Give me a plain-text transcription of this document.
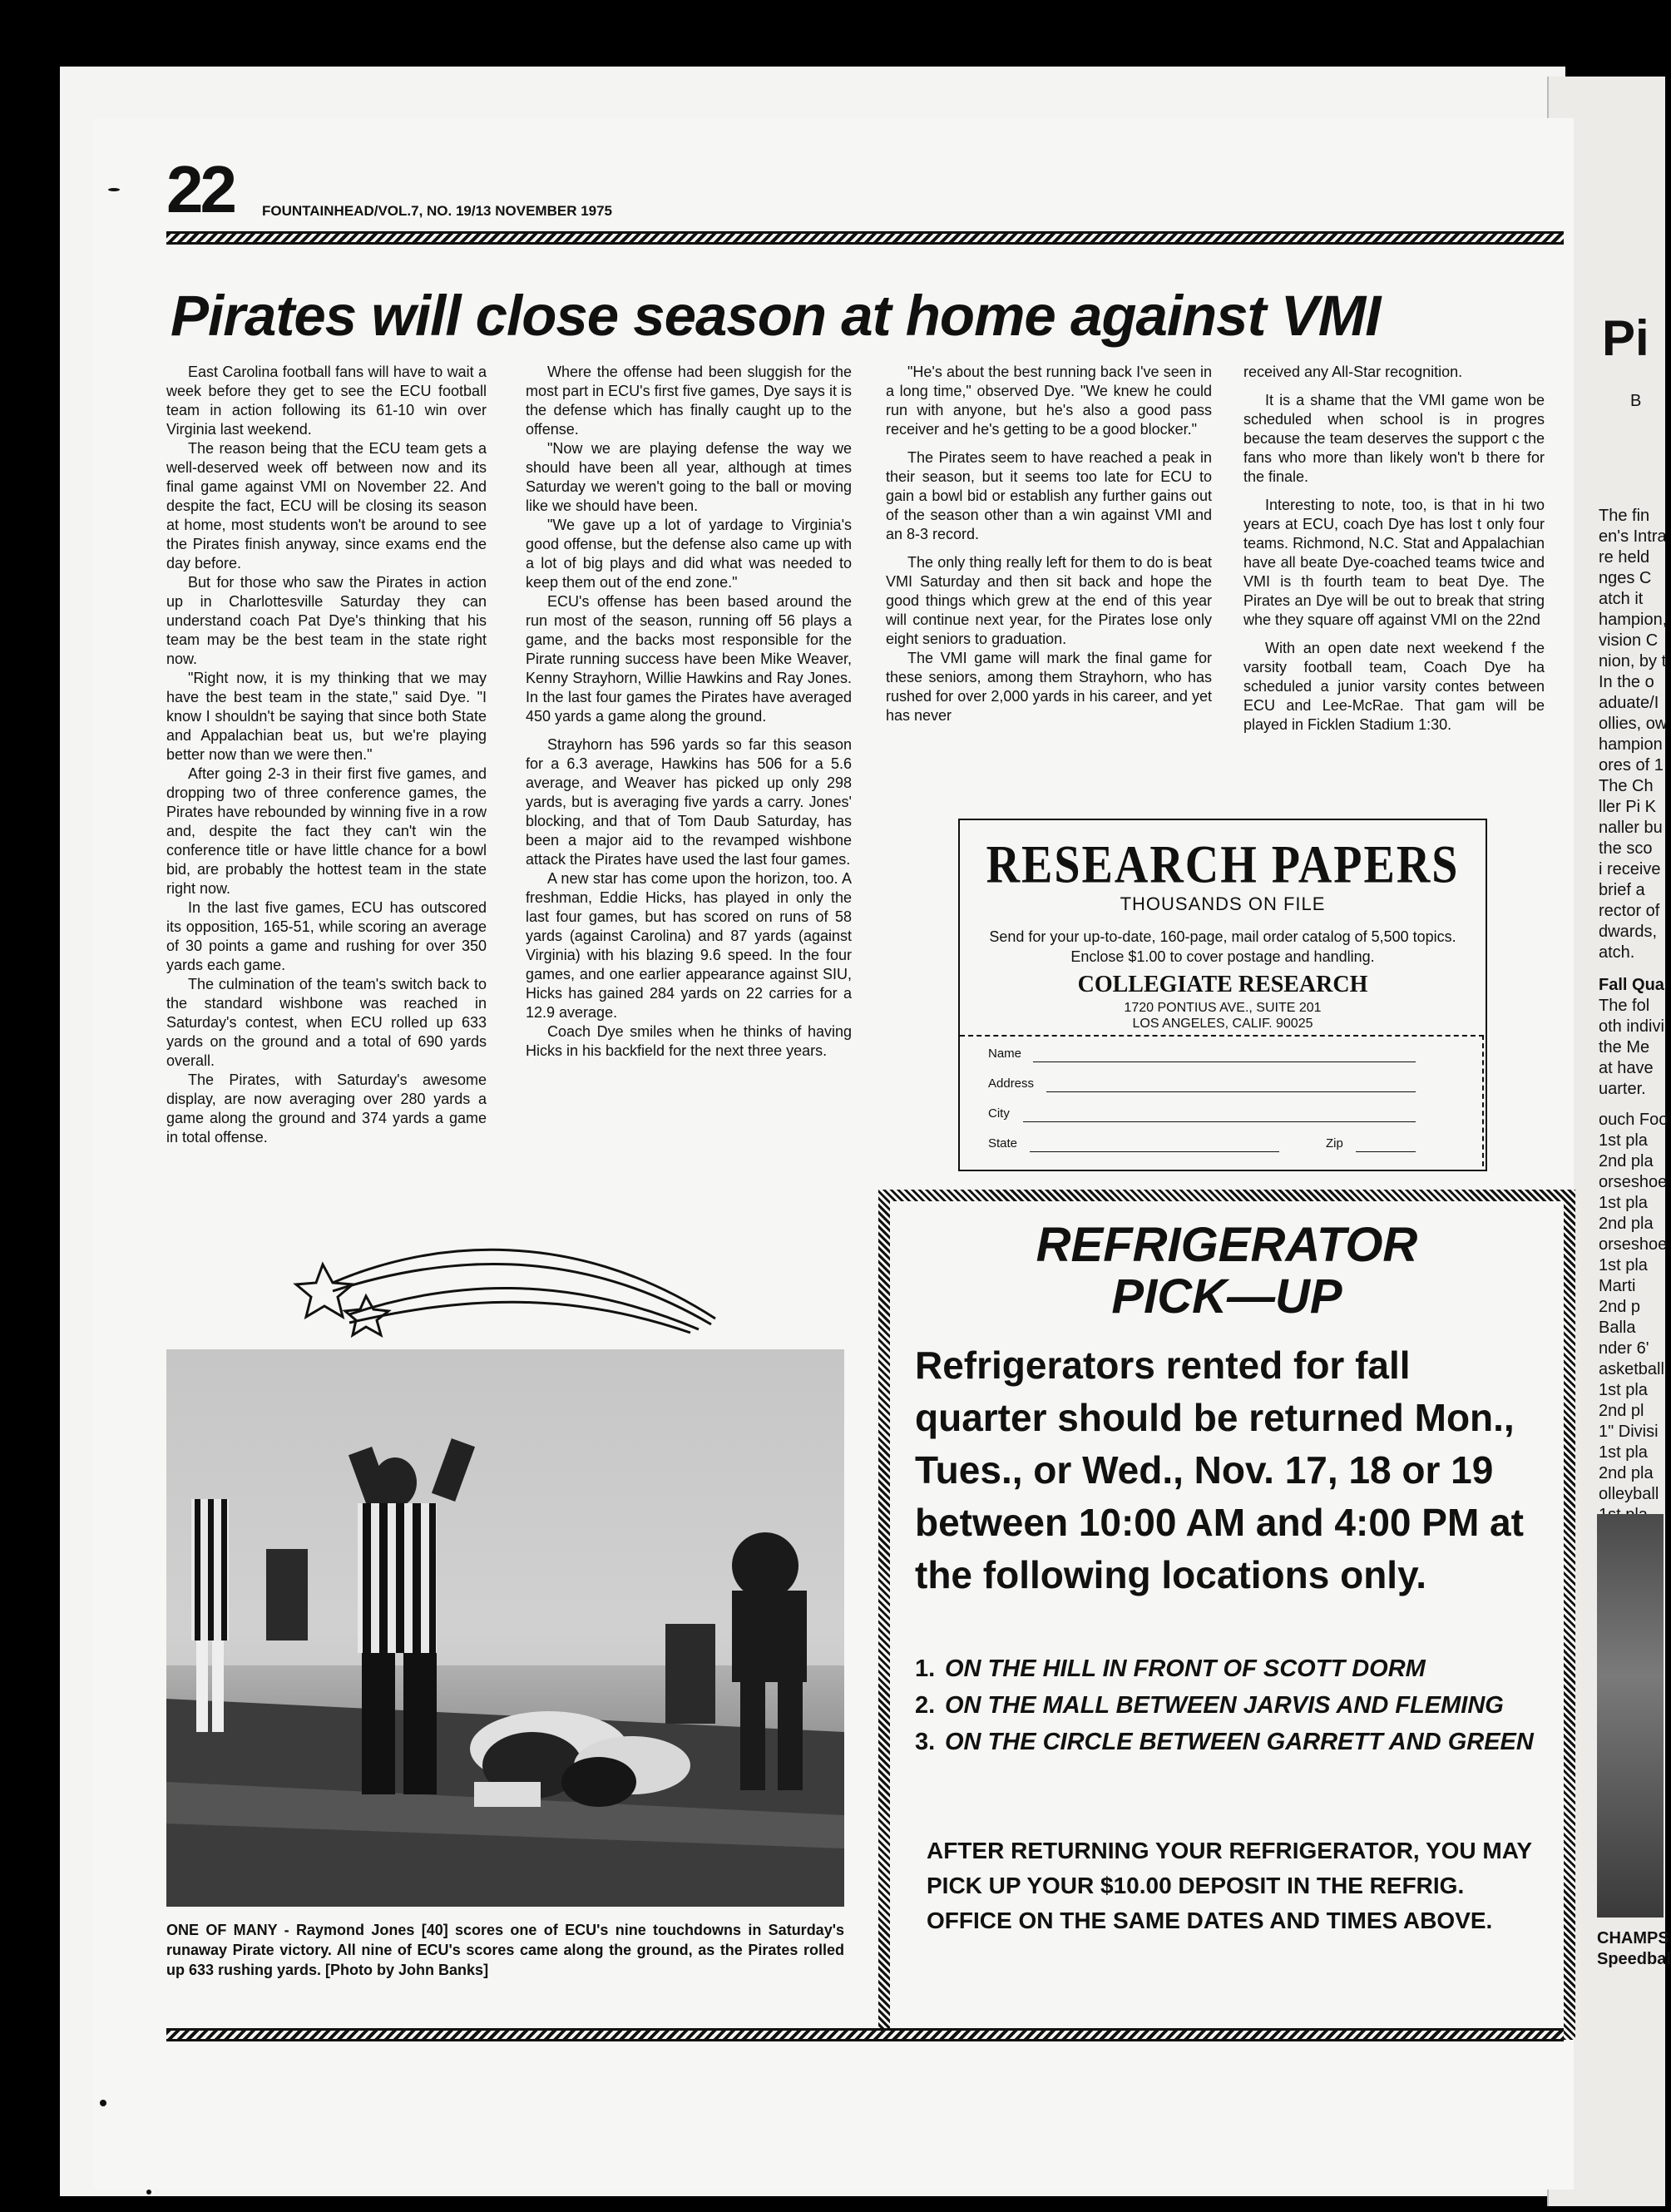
22 FOUNTAINHEAD/VOL.7, NO. 19/13 NOVEMBER 1975
Pirates will close season at home against VMI

East Carolina football fans will have to wait a week before they get to see the ECU football team in action following its 61-10 win over Virginia last weekend.

The reason being that the ECU team gets a well-deserved week off between now and its final game against VMI on November 22. And despite the fact, ECU will be closing its season at home, most students won't be around to see the Pirates finish anyway, since exams end the day before.

But for those who saw the Pirates in action up in Charlottesville Saturday they can understand coach Pat Dye's thinking that his team may be the best team in the state right now.

"Right now, it is my thinking that we may have the best team in the state," said Dye. "I know I shouldn't be saying that since both State and Appalachian beat us, but we're playing better now than we were then."

After going 2-3 in their first five games, and dropping two of three conference games, the Pirates have rebounded by winning five in a row and, despite the fact they can't win the conference title or have little chance for a bowl bid, are probably the hottest team in the state right now.

In the last five games, ECU has outscored its opposition, 165-51, while scoring an average of 30 points a game and rushing for over 350 yards each game.

The culmination of the team's switch back to the standard wishbone was reached in Saturday's contest, when ECU rolled up 633 yards on the ground and a total of 690 yards overall.

The Pirates, with Saturday's awesome display, are now averaging over 280 yards a game along the ground and 374 yards a game in total offense.

Where the offense had been sluggish for the most part in ECU's first five games, Dye says it is the defense which has finally caught up to the offense.

"Now we are playing defense the way we should have been all year, although at times Saturday we weren't going to the ball or moving like we should have been.

"We gave up a lot of yardage to Virginia's good offense, but the defense also came up with a lot of big plays and did what was needed to keep them out of the end zone."

ECU's offense has been based around the run most of the season, running off 56 plays a game, and the backs most responsible for the Pirate running success have been Mike Weaver, Kenny Strayhorn, Willie Hawkins and Ray Jones. In the last four games the Pirates have averaged 450 yards a game along the ground.

Strayhorn has 596 yards so far this season for a 6.3 average, Hawkins has 506 for a 5.6 average, and Weaver has picked up only 298 yards, but is averaging five yards a carry. Jones' blocking, and that of Tom Daub Saturday, has been a major aid to the revamped wishbone attack the Pirates have used the last four games.

A new star has come upon the horizon, too. A freshman, Eddie Hicks, has played in only the last four games, but has scored on runs of 58 yards (against Carolina) and 87 yards (against Virginia) with his blazing 9.6 speed. In the four games, and one earlier appearance against SIU, Hicks has gained 284 yards on 22 carries for a 12.9 average.

Coach Dye smiles when he thinks of having Hicks in his backfield for the next three years.

"He's about the best running back I've seen in a long time," observed Dye. "We knew he could run with anyone, but he's also a good pass receiver and he's getting to be a good blocker."

The Pirates seem to have reached a peak in their season, but it seems too late for ECU to gain a bowl bid or establish any further gains out of the season other than a win against VMI and an 8-3 record.

The only thing really left for them to do is beat VMI Saturday and then sit back and hope the good things which grew at the end of this year will continue next year, for the Pirates lose only eight seniors to graduation.

The VMI game will mark the final game for these seniors, among them Strayhorn, who has rushed for over 2,000 yards in his career, and yet has never

received any All-Star recognition.

It is a shame that the VMI game won be scheduled when school is in progres because the team deserves the support c the fans who more than likely won't b there for the finale.

Interesting to note, too, is that in hi two years at ECU, coach Dye has lost t only four teams. Richmond, N.C. Stat and Appalachian have all beate Dye-coached teams twice and VMI is th fourth team to beat Dye. The Pirates an Dye will be out to break that string whe they square off against VMI on the 22nd

With an open date next weekend f the varsity football team, Coach Dye ha scheduled a junior varsity contes between ECU and Lee-McRae. That gam will be played in Ficklen Stadium 1:30.

ONE OF MANY - Raymond Jones [40] scores one of ECU's nine touchdowns in Saturday's runaway Pirate victory. All nine of ECU's scores came along the ground, as the Pirates rolled up 633 rushing yards. [Photo by John Banks]
RESEARCH PAPERS
THOUSANDS ON FILE
Send for your up-to-date, 160-page, mail order catalog of 5,500 topics. Enclose $1.00 to cover postage and handling.
COLLEGIATE RESEARCH
1720 PONTIUS AVE., SUITE 201
LOS ANGELES, CALIF. 90025
Name
Address
City
State	Zip
REFRIGERATOR
PICK—UP
Refrigerators rented for fall quarter should be returned Mon., Tues., or Wed., Nov. 17, 18 or 19 between 10:00 AM and 4:00 PM at the following locations only.
1. ON THE HILL IN FRONT OF SCOTT DORM
2. ON THE MALL BETWEEN JARVIS AND FLEMING
3. ON THE CIRCLE BETWEEN GARRETT AND GREEN
AFTER RETURNING YOUR REFRIGERATOR, YOU MAY PICK UP YOUR $10.00 DEPOSIT IN THE REFRIG. OFFICE ON THE SAME DATES AND TIMES ABOVE.
Pi
B
The fin
en's Intra
re held
nges C
atch it
hampion,
vision C
nion, by t
In the o
aduate/I
ollies, ow
hampion
ores of 1
The Ch
ller Pi K
naller bu
the sco
i receive
brief a
rector of
dwards,
atch.
Fall Qua
The fol
oth indivi
the Me
at have
uarter.
ouch Foo
1st pla
2nd pla
orseshoe
1st pla
2nd pla
orseshoe
1st pla
Marti
2nd p
Balla
nder 6'
asketball
1st pla
2nd pl
1" Divisi
1st pla
2nd pla
olleyball
CHAMPS
Speedbal
